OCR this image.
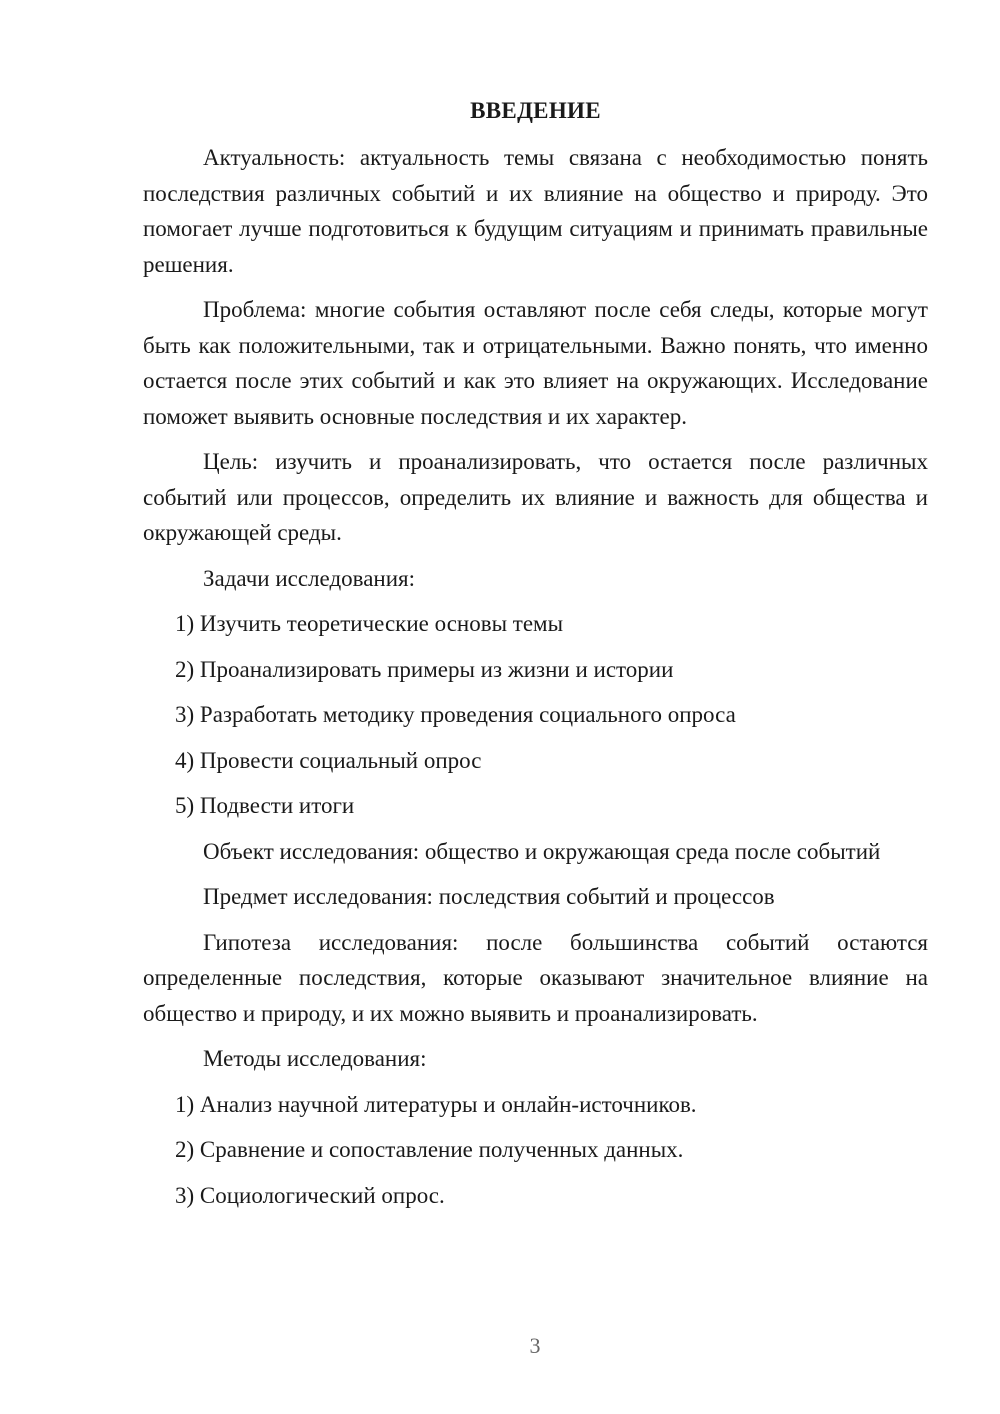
ВВЕДЕНИЕ

Актуальность: актуальность темы связана с необходимостью понять последствия различных событий и их влияние на общество и природу. Это помогает лучше подготовиться к будущим ситуациям и принимать правильные решения.

Проблема: многие события оставляют после себя следы, которые могут быть как положительными, так и отрицательными. Важно понять, что именно остается после этих событий и как это влияет на окружающих. Исследование поможет выявить основные последствия и их характер.

Цель: изучить и проанализировать, что остается после различных событий или процессов, определить их влияние и важность для общества и окружающей среды.

Задачи исследования:

1) Изучить теоретические основы темы

2) Проанализировать примеры из жизни и истории

3) Разработать методику проведения социального опроса

4) Провести социальный опрос

5) Подвести итоги

Объект исследования: общество и окружающая среда после событий

Предмет исследования: последствия событий и процессов

Гипотеза исследования: после большинства событий остаются определенные последствия, которые оказывают значительное влияние на общество и природу, и их можно выявить и проанализировать.

Методы исследования:

1) Анализ научной литературы и онлайн-источников.

2) Сравнение и сопоставление полученных данных.

3) Социологический опрос.

3
